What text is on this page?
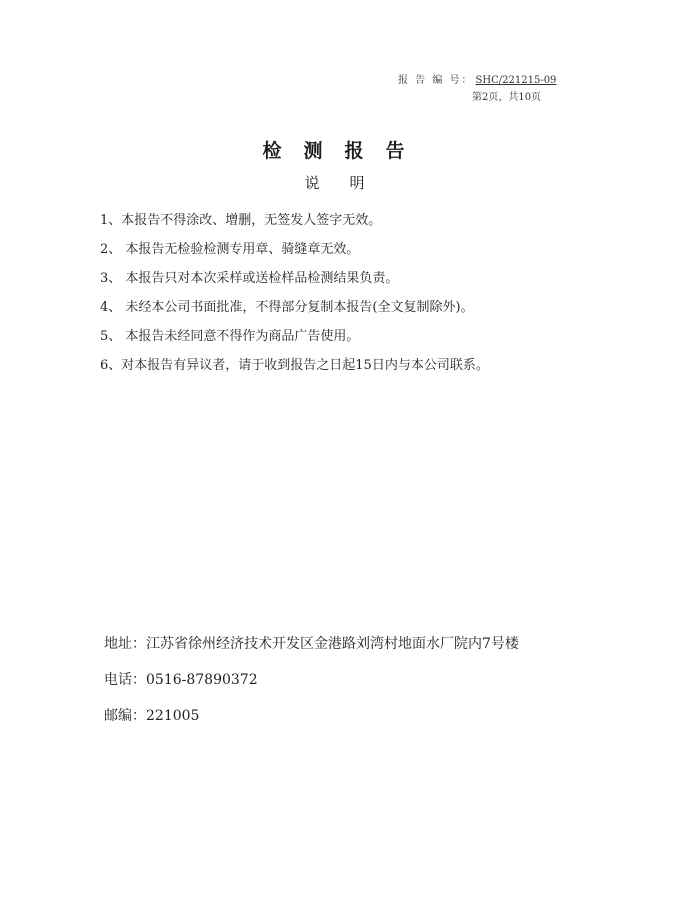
报 告 编 号： SHC/221215-09
第2页，共10页
检测报告
说明
1、本报告不得涂改、增删，无签发人签字无效。
2、 本报告无检验检测专用章、骑缝章无效。
3、 本报告只对本次采样或送检样品检测结果负责。
4、 未经本公司书面批准，不得部分复制本报告(全文复制除外)。
5、 本报告未经同意不得作为商品广告使用。
6、对本报告有异议者，请于收到报告之日起15日内与本公司联系。
地址：江苏省徐州经济技术开发区金港路刘湾村地面水厂院内7号楼
电话：0516-87890372
邮编：221005
